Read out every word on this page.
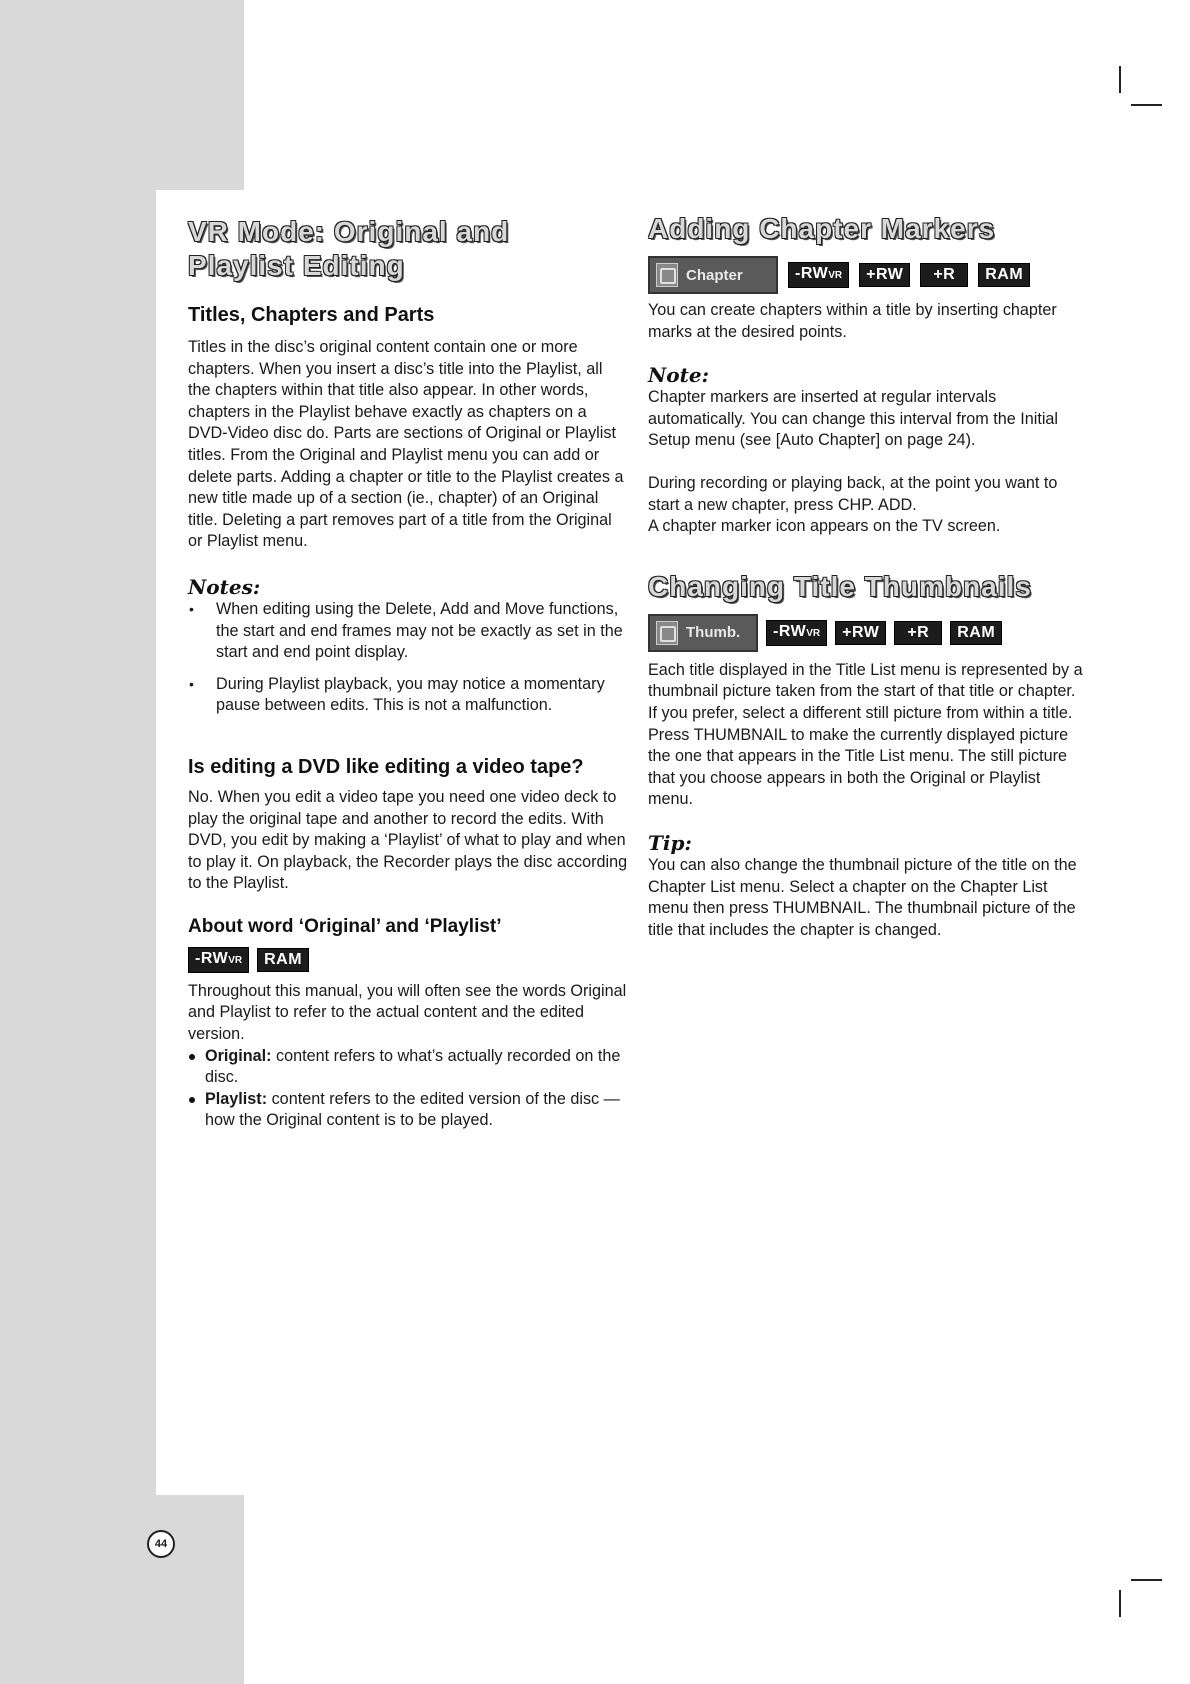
VR Mode: Original and
Playlist Editing
Titles, Chapters and Parts

Titles in the disc’s original content contain one or more chapters. When you insert a disc’s title into the Playlist, all the chapters within that title also appear. In other words, chapters in the Playlist behave exactly as chapters on a DVD-Video disc do. Parts are sections of Original or Playlist titles. From the Original and Playlist menu you can add or delete parts. Adding a chapter or title to the Playlist creates a new title made up of a section (ie., chapter) of an Original title. Deleting a part removes part of a title from the Original or Playlist menu.

Notes:
• When editing using the Delete, Add and Move functions, the start and end frames may not be exactly as set in the start and end point display.
• During Playlist playback, you may notice a momentary pause between edits. This is not a malfunction.
Is editing a DVD like editing a video tape?

No. When you edit a video tape you need one video deck to play the original tape and another to record the edits. With DVD, you edit by making a ‘Playlist’ of what to play and when to play it. On playback, the Recorder plays the disc according to the Playlist.

About word ‘Original’ and ‘Playlist’
-RWVR	RAM

Throughout this manual, you will often see the words Original and Playlist to refer to the actual content and the edited version.

Original: content refers to what’s actually recorded on the disc.
Playlist: content refers to the edited version of the disc — how the Original content is to be played.
Adding Chapter Markers
Chapter	-RWVR	+RW	+R	RAM

You can create chapters within a title by inserting chapter marks at the desired points.

Note:

Chapter markers are inserted at regular intervals automatically. You can change this interval from the Initial Setup menu (see [Auto Chapter] on page 24).

During recording or playing back, at the point you want to start a new chapter, press CHP. ADD.

A chapter marker icon appears on the TV screen.

Changing Title Thumbnails
Thumb.	-RWVR	+RW	+R	RAM

Each title displayed in the Title List menu is represented by a thumbnail picture taken from the start of that title or chapter.

If you prefer, select a different still picture from within a title.

Press THUMBNAIL to make the currently displayed picture the one that appears in the Title List menu. The still picture that you choose appears in both the Original or Playlist menu.

Tip:

You can also change the thumbnail picture of the title on the Chapter List menu. Select a chapter on the Chapter List menu then press THUMBNAIL. The thumbnail picture of the title that includes the chapter is changed.

44
